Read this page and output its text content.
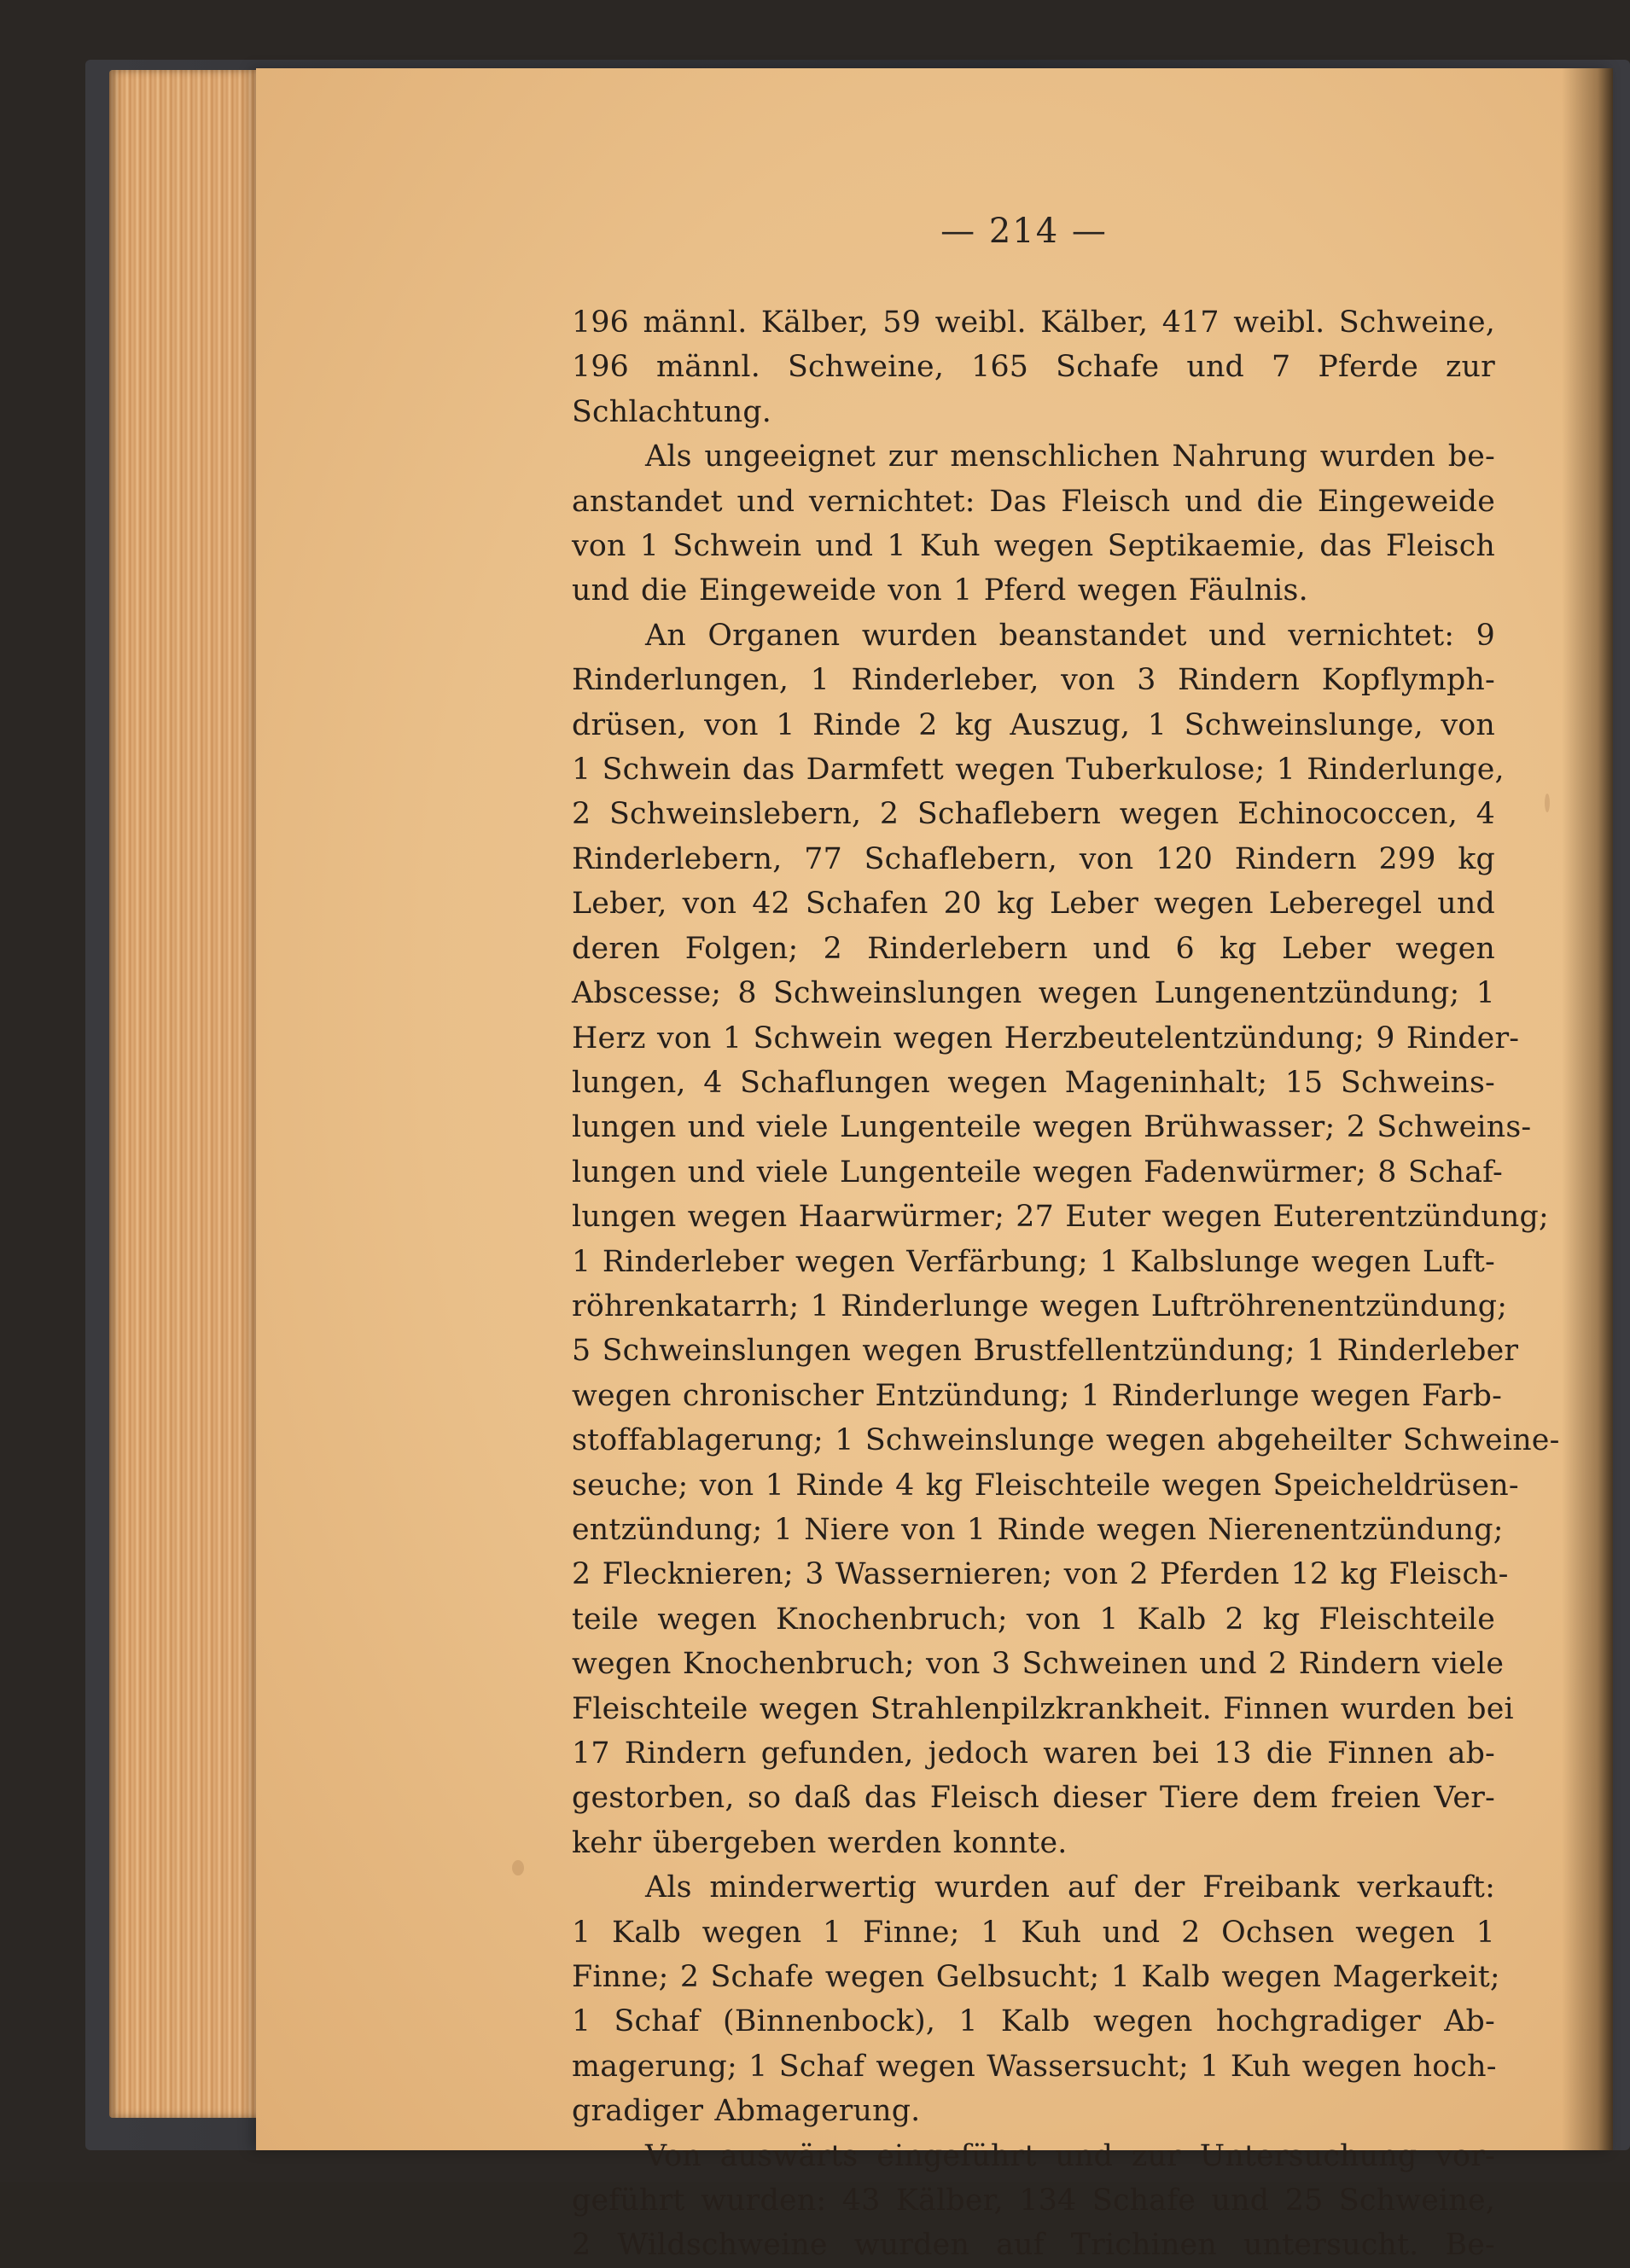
— 214 —

196 männl. Kälber, 59 weibl. Kälber, 417 weibl. Schweine,

196 männl. Schweine, 165 Schafe und 7 Pferde zur

Schlachtung.

Als ungeeignet zur menschlichen Nahrung wurden be-

anstandet und vernichtet: Das Fleisch und die Eingeweide

von 1 Schwein und 1 Kuh wegen Septikaemie, das Fleisch

und die Eingeweide von 1 Pferd wegen Fäulnis.

An Organen wurden beanstandet und vernichtet: 9

Rinderlungen, 1 Rinderleber, von 3 Rindern Kopflymph-

drüsen, von 1 Rinde 2 kg Auszug, 1 Schweinslunge, von

1 Schwein das Darmfett wegen Tuberkulose; 1 Rinderlunge,

2 Schweinslebern, 2 Schaflebern wegen Echinococcen, 4

Rinderlebern, 77 Schaflebern, von 120 Rindern 299 kg

Leber, von 42 Schafen 20 kg Leber wegen Leberegel und

deren Folgen; 2 Rinderlebern und 6 kg Leber wegen

Abscesse; 8 Schweinslungen wegen Lungenentzündung; 1

Herz von 1 Schwein wegen Herzbeutelentzündung; 9 Rinder-

lungen, 4 Schaflungen wegen Mageninhalt; 15 Schweins-

lungen und viele Lungenteile wegen Brühwasser; 2 Schweins-

lungen und viele Lungenteile wegen Fadenwürmer; 8 Schaf-

lungen wegen Haarwürmer; 27 Euter wegen Euterentzündung;

1 Rinderleber wegen Verfärbung; 1 Kalbslunge wegen Luft-

röhrenkatarrh; 1 Rinderlunge wegen Luftröhrenentzündung;

5 Schweinslungen wegen Brustfellentzündung; 1 Rinderleber

wegen chronischer Entzündung; 1 Rinderlunge wegen Farb-

stoffablagerung; 1 Schweinslunge wegen abgeheilter Schweine-

seuche; von 1 Rinde 4 kg Fleischteile wegen Speicheldrüsen-

entzündung; 1 Niere von 1 Rinde wegen Nierenentzündung;

2 Flecknieren; 3 Wassernieren; von 2 Pferden 12 kg Fleisch-

teile wegen Knochenbruch; von 1 Kalb 2 kg Fleischteile

wegen Knochenbruch; von 3 Schweinen und 2 Rindern viele

Fleischteile wegen Strahlenpilzkrankheit. Finnen wurden bei

17 Rindern gefunden, jedoch waren bei 13 die Finnen ab-

gestorben, so daß das Fleisch dieser Tiere dem freien Ver-

kehr übergeben werden konnte.

Als minderwertig wurden auf der Freibank verkauft:

1 Kalb wegen 1 Finne; 1 Kuh und 2 Ochsen wegen 1

Finne; 2 Schafe wegen Gelbsucht; 1 Kalb wegen Magerkeit;

1 Schaf (Binnenbock), 1 Kalb wegen hochgradiger Ab-

magerung; 1 Schaf wegen Wassersucht; 1 Kuh wegen hoch-

gradiger Abmagerung.

Von auswärts eingeführt und zur Untersuchung vor-

geführt wurden: 43 Kälber, 134 Schafe und 25 Schweine,

2 Wildschweine wurden auf Trichinen untersucht. Be-
